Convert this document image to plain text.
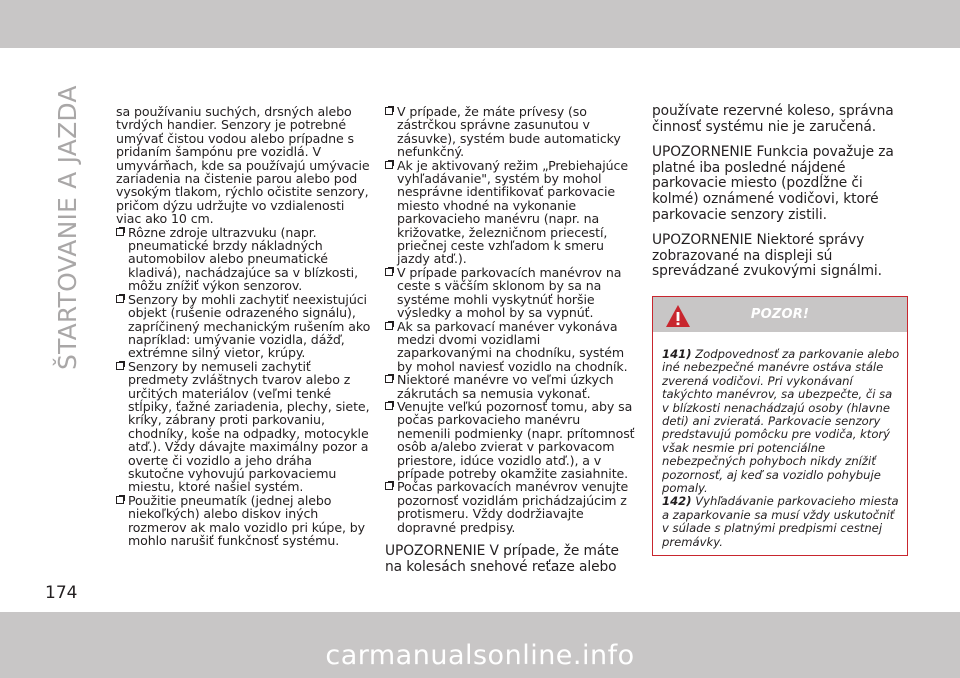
ŠTARTOVANIE A JAZDA	sa používaniu suchých, drsných alebo tvrdých handier. Senzory je potrebné umývať čistou vodou alebo prípadne s pridaním šampónu pre vozidlá. V umyvárňach, kde sa používajú umývacie zariadenia na čistenie parou alebo pod vysokým tlakom, rýchlo očistite senzory, pričom dýzu udržujte vo vzdialenosti viac ako 10 cm.

Rôzne zdroje ultrazvuku (napr. pneumatické brzdy nákladných automobilov alebo pneumatické kladivá), nachádzajúce sa v blízkosti, môžu znížiť výkon senzorov.

Senzory by mohli zachytiť neexistujúci objekt (rušenie odrazeného signálu), zapríčinený mechanickým rušením ako napríklad: umývanie vozidla, dážď, extrémne silný vietor, krúpy.

Senzory by nemuseli zachytiť predmety zvláštnych tvarov alebo z určitých materiálov (veľmi tenké stĺpiky, ťažné zariadenia, plechy, siete, kríky, zábrany proti parkovaniu, chodníky, koše na odpadky, motocykle atď.). Vždy dávajte maximálny pozor a overte či vozidlo a jeho dráha skutočne vyhovujú parkovaciemu miestu, ktoré našiel systém.

Použitie pneumatík (jednej alebo niekoľkých) alebo diskov iných rozmerov ak malo vozidlo pri kúpe, by mohlo narušiť funkčnosť systému.

V prípade, že máte prívesy (so zástrčkou správne zasunutou v zásuvke), systém bude automaticky nefunkčný.

Ak je aktivovaný režim „Prebiehajúce vyhľadávanie", systém by mohol nesprávne identifikovať parkovacie miesto vhodné na vykonanie parkovacieho manévru (napr. na križovatke, železničnom priecestí, priečnej ceste vzhľadom k smeru jazdy atď.).

V prípade parkovacích manévrov na ceste s väčším sklonom by sa na systéme mohli vyskytnúť horšie výsledky a mohol by sa vypnúť.

Ak sa parkovací manéver vykonáva medzi dvomi vozidlami zaparkovanými na chodníku, systém by mohol naviesť vozidlo na chodník.

Niektoré manévre vo veľmi úzkych zákrutách sa nemusia vykonať.

Venujte veľkú pozornosť tomu, aby sa počas parkovacieho manévru nemenili podmienky (napr. prítomnosť osôb a/alebo zvierat v parkovacom priestore, idúce vozidlo atď.), a v prípade potreby okamžite zasiahnite.

Počas parkovacích manévrov venujte pozornosť vozidlám prichádzajúcim z protismeru. Vždy dodržiavajte dopravné predpisy.

UPOZORNENIE V prípade, že máte na kolesách snehové reťaze alebo

používate rezervné koleso, správna činnosť systému nie je zaručená.

UPOZORNENIE Funkcia považuje za platné iba posledné nájdené parkovacie miesto (pozdĺžne či kolmé) oznámené vodičovi, ktoré parkovacie senzory zistili.

UPOZORNENIE Niektoré správy zobrazované na displeji sú sprevádzané zvukovými signálmi.

POZOR!

141) Zodpovednosť za parkovanie alebo iné nebezpečné manévre ostáva stále zverená vodičovi. Pri vykonávaní takýchto manévrov, sa ubezpečte, či sa v blízkosti nenachádzajú osoby (hlavne deti) ani zvieratá. Parkovacie senzory predstavujú pomôcku pre vodiča, ktorý však nesmie pri potenciálne nebezpečných pohyboch nikdy znížiť pozornosť, aj keď sa vozidlo pohybuje pomaly.

142) Vyhľadávanie parkovacieho miesta a zaparkovanie sa musí vždy uskutočniť v súlade s platnými predpismi cestnej premávky.

174
carmanualsonline.info
